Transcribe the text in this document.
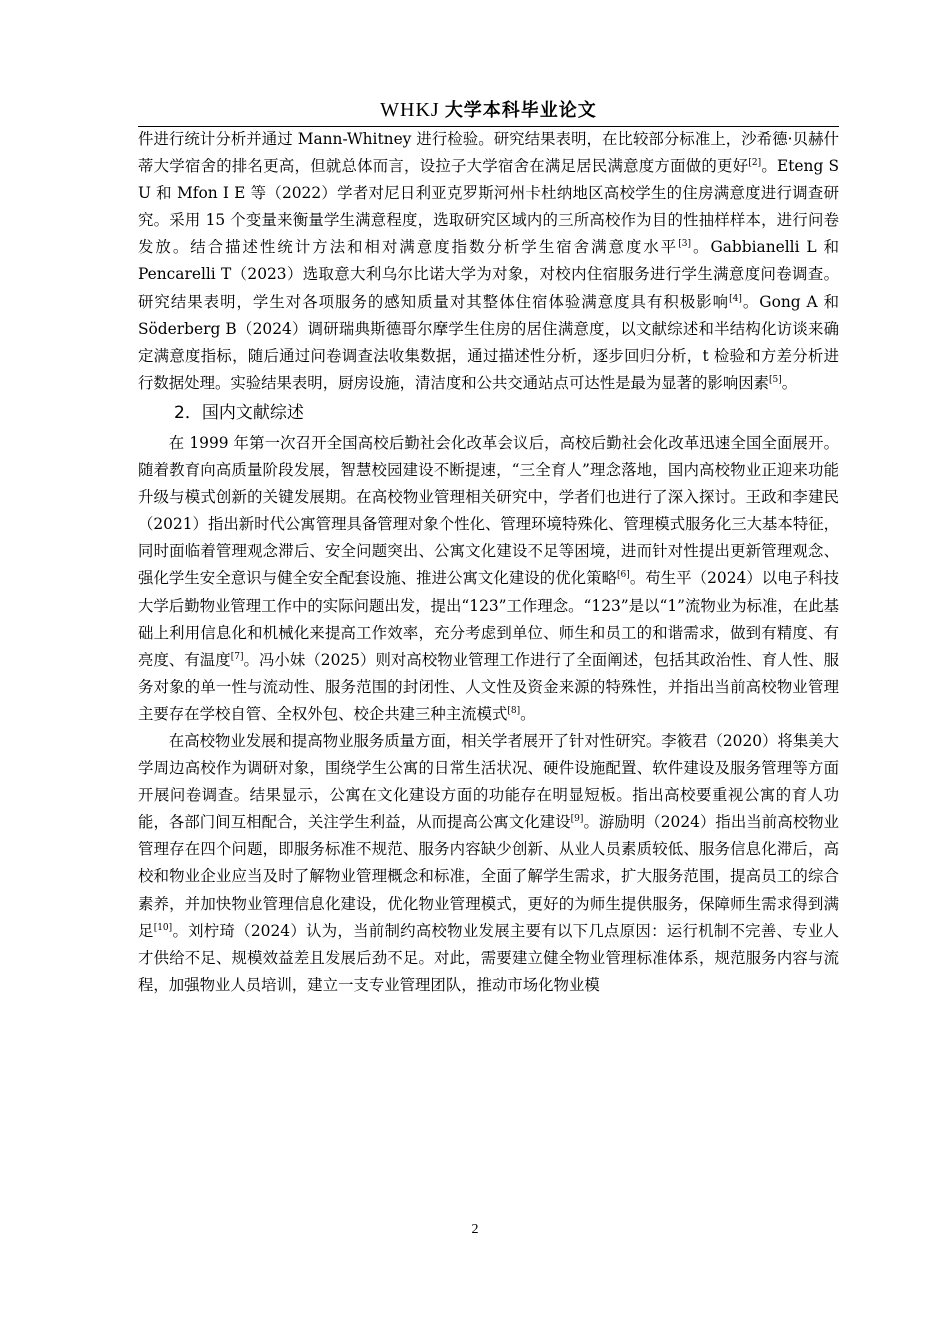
WHKJ 大学本科毕业论文

件进行统计分析并通过 Mann-Whitney 进行检验。研究结果表明，在比较部分标准上，沙希德·贝赫什蒂大学宿舍的排名更高，但就总体而言，设拉子大学宿舍在满足居民满意度方面做的更好[2]。Eteng S U 和 Mfon I E 等（2022）学者对尼日利亚克罗斯河州卡杜纳地区高校学生的住房满意度进行调查研究。采用 15 个变量来衡量学生满意程度，选取研究区域内的三所高校作为目的性抽样样本，进行问卷发放。结合描述性统计方法和相对满意度指数分析学生宿舍满意度水平[3]。Gabbianelli L 和 Pencarelli T（2023）选取意大利乌尔比诺大学为对象，对校内住宿服务进行学生满意度问卷调查。研究结果表明，学生对各项服务的感知质量对其整体住宿体验满意度具有积极影响[4]。Gong A 和 Söderberg B（2024）调研瑞典斯德哥尔摩学生住房的居住满意度，以文献综述和半结构化访谈来确定满意度指标，随后通过问卷调查法收集数据，通过描述性分析，逐步回归分析，t 检验和方差分析进行数据处理。实验结果表明，厨房设施，清洁度和公共交通站点可达性是最为显著的影响因素[5]。

2．国内文献综述

在 1999 年第一次召开全国高校后勤社会化改革会议后，高校后勤社会化改革迅速全国全面展开。随着教育向高质量阶段发展，智慧校园建设不断提速，“三全育人”理念落地，国内高校物业正迎来功能升级与模式创新的关键发展期。在高校物业管理相关研究中，学者们也进行了深入探讨。王政和李建民（2021）指出新时代公寓管理具备管理对象个性化、管理环境特殊化、管理模式服务化三大基本特征，同时面临着管理观念滞后、安全问题突出、公寓文化建设不足等困境，进而针对性提出更新管理观念、强化学生安全意识与健全安全配套设施、推进公寓文化建设的优化策略[6]。苟生平（2024）以电子科技大学后勤物业管理工作中的实际问题出发，提出“123”工作理念。“123”是以“1”流物业为标准，在此基础上利用信息化和机械化来提高工作效率，充分考虑到单位、师生和员工的和谐需求，做到有精度、有亮度、有温度[7]。冯小妹（2025）则对高校物业管理工作进行了全面阐述，包括其政治性、育人性、服务对象的单一性与流动性、服务范围的封闭性、人文性及资金来源的特殊性，并指出当前高校物业管理主要存在学校自管、全权外包、校企共建三种主流模式[8]。

在高校物业发展和提高物业服务质量方面，相关学者展开了针对性研究。李筱君（2020）将集美大学周边高校作为调研对象，围绕学生公寓的日常生活状况、硬件设施配置、软件建设及服务管理等方面开展问卷调查。结果显示，公寓在文化建设方面的功能存在明显短板。指出高校要重视公寓的育人功能，各部门间互相配合，关注学生利益，从而提高公寓文化建设[9]。游励明（2024）指出当前高校物业管理存在四个问题，即服务标准不规范、服务内容缺少创新、从业人员素质较低、服务信息化滞后，高校和物业企业应当及时了解物业管理概念和标准，全面了解学生需求，扩大服务范围，提高员工的综合素养，并加快物业管理信息化建设，优化物业管理模式，更好的为师生提供服务，保障师生需求得到满足[10]。刘柠琦（2024）认为，当前制约高校物业发展主要有以下几点原因：运行机制不完善、专业人才供给不足、规模效益差且发展后劲不足。对此，需要建立健全物业管理标准体系，规范服务内容与流程，加强物业人员培训，建立一支专业管理团队，推动市场化物业模

2
